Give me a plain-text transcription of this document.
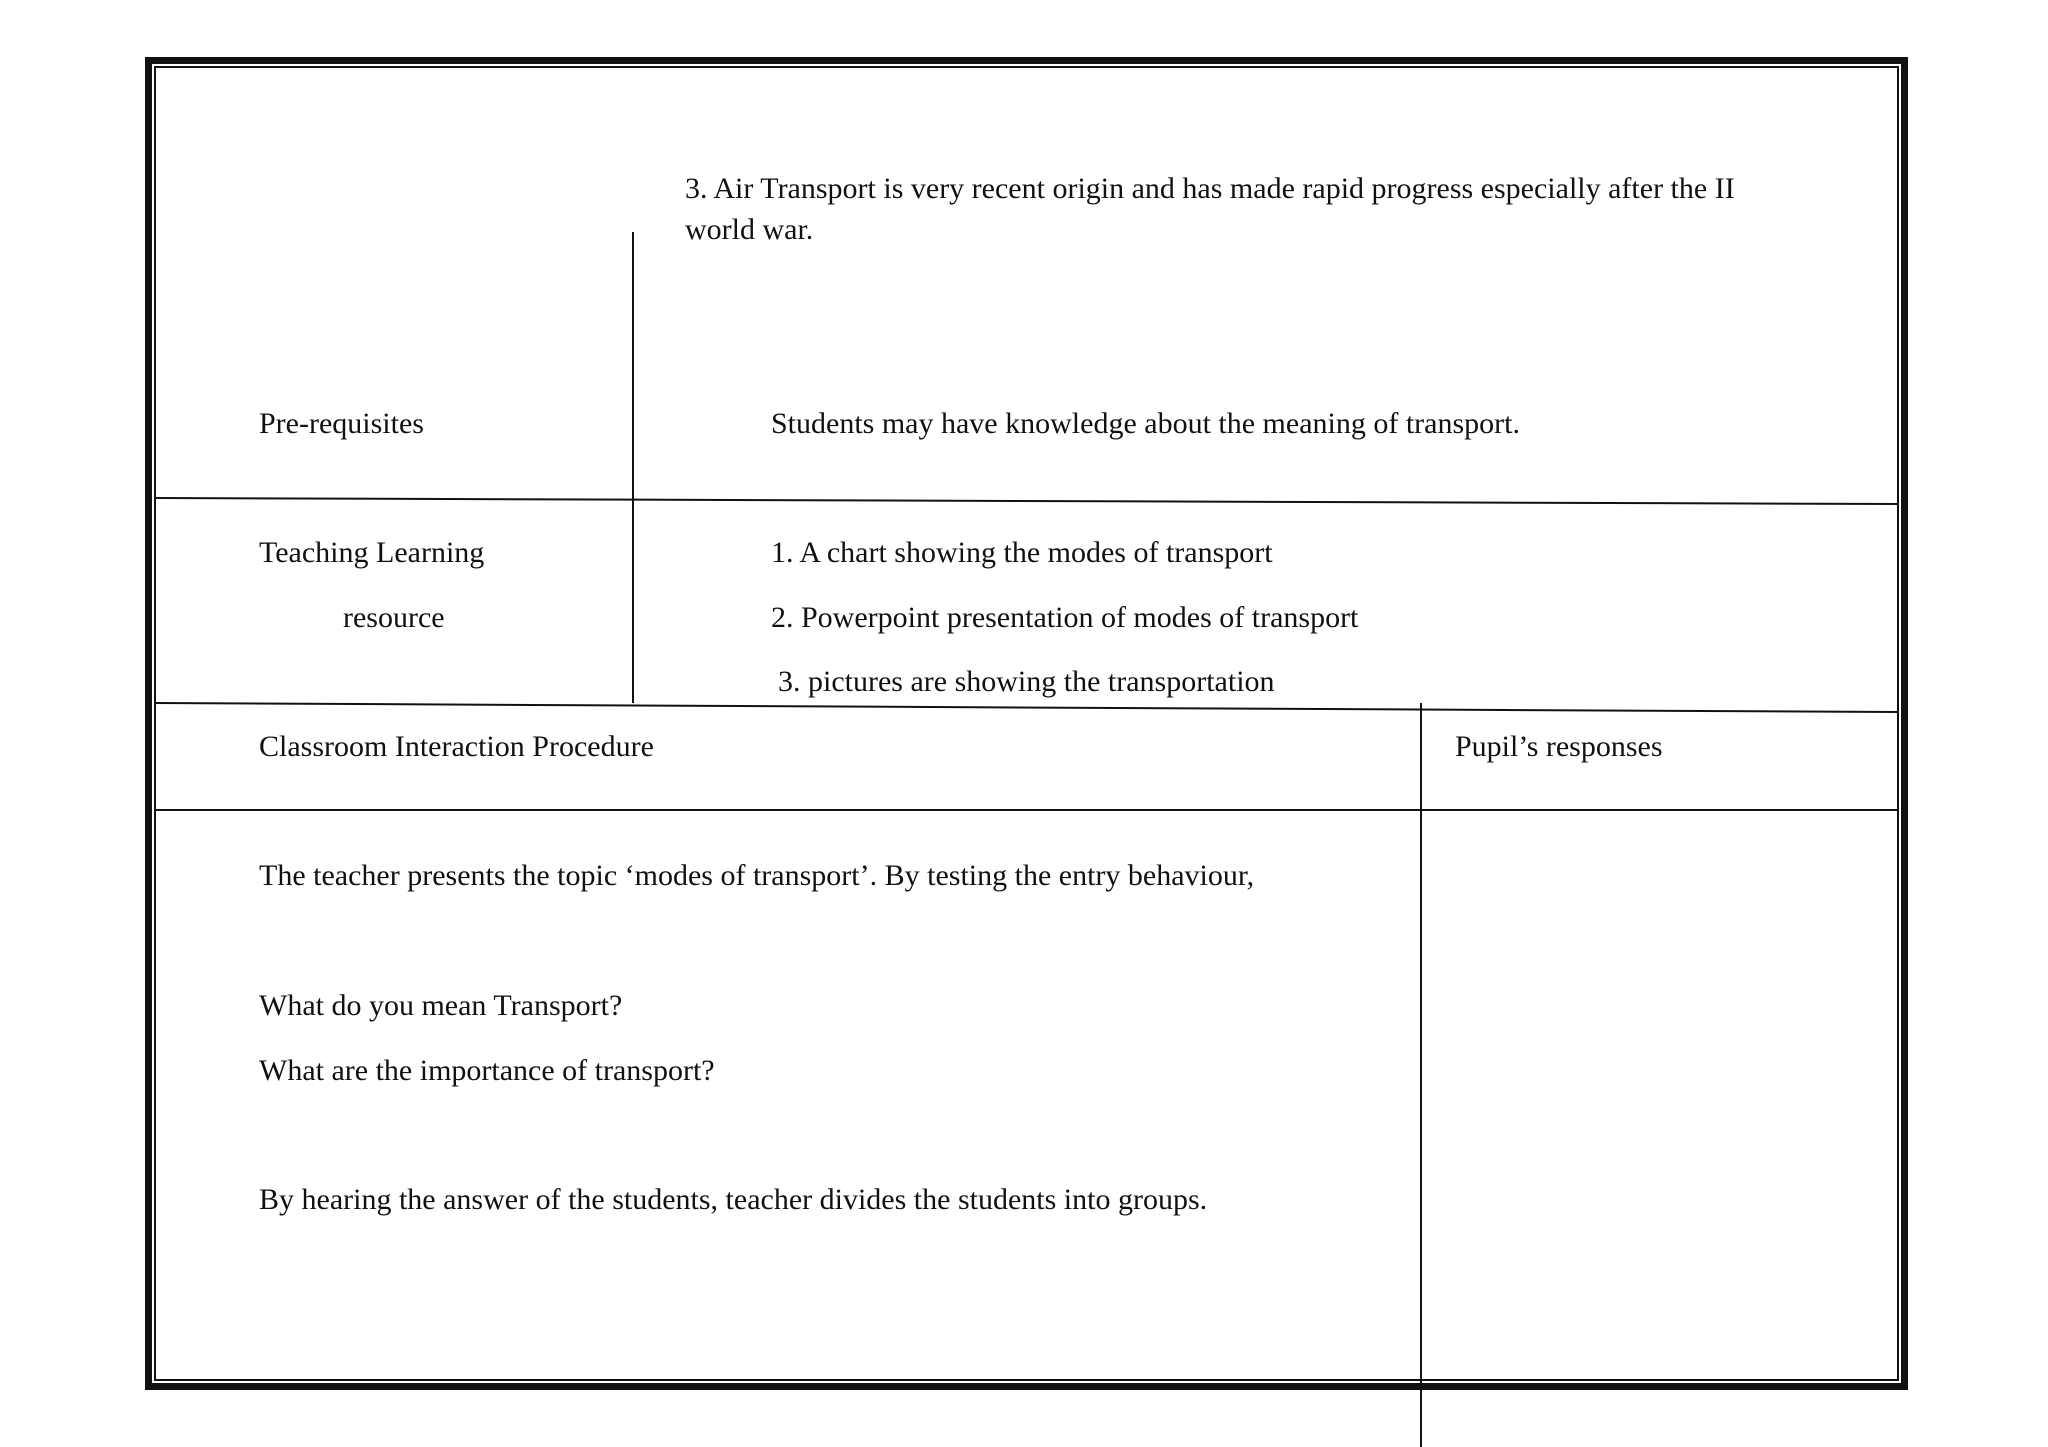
3. Air Transport is very recent origin and has made rapid progress especially after the II
world war.
Pre-requisites	Students may have knowledge about the meaning of transport.
Teaching Learning
resource
1. A chart showing the modes of transport
2. Powerpoint presentation of modes of transport
3. pictures are showing the transportation
Classroom Interaction Procedure	Pupil’s responses
The teacher presents the topic ‘modes of transport’. By testing the entry behaviour,
What do you mean Transport?
What are the importance of transport?
By hearing the answer of the students, teacher divides the students into groups.
